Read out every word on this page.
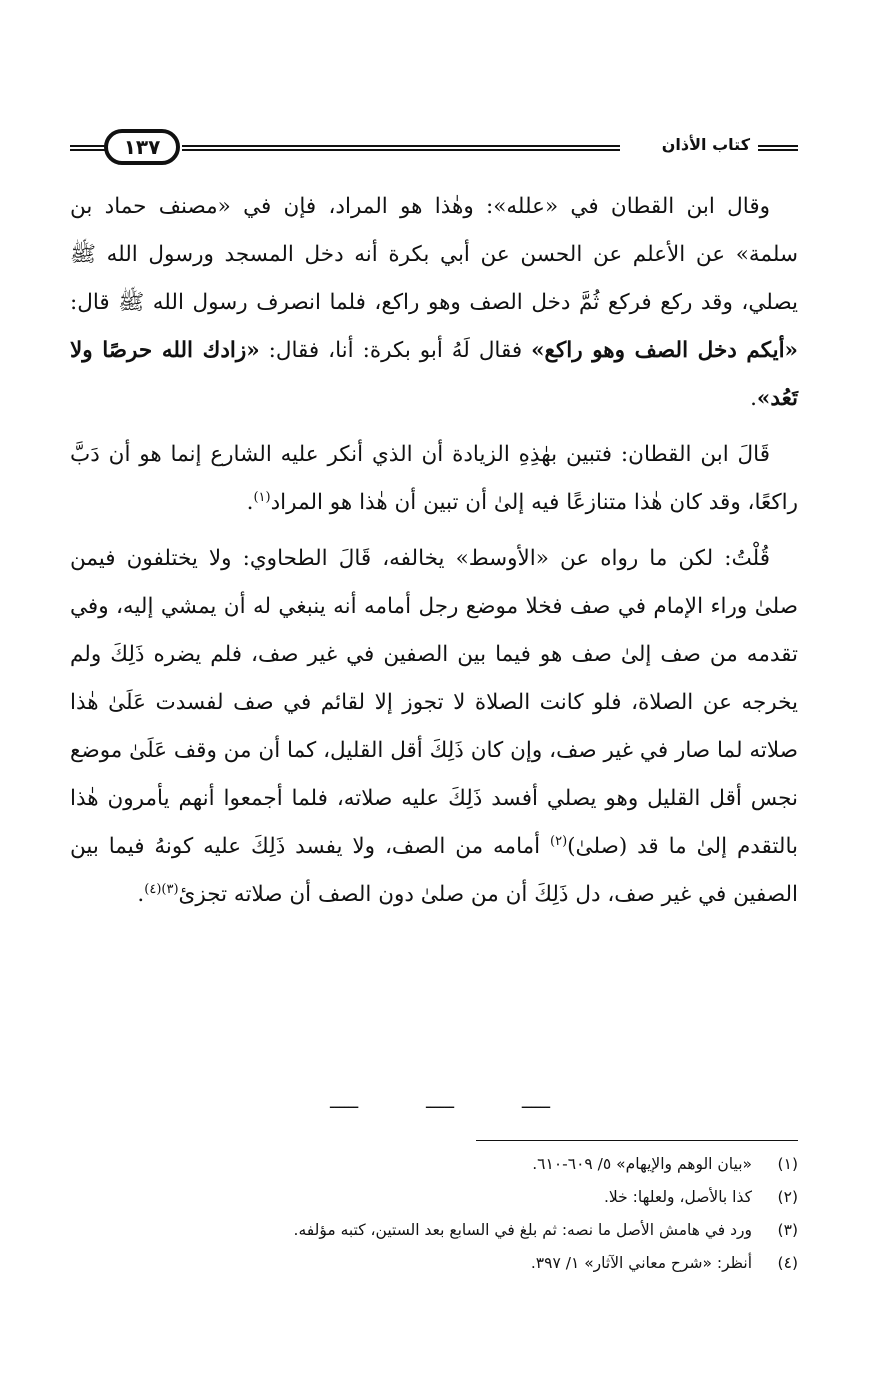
كتاب الأذان
١٣٧

وقال ابن القطان في «علله»: وهٰذا هو المراد، فإن في «مصنف حماد بن سلمة» عن الأعلم عن الحسن عن أبي بكرة أنه دخل المسجد ورسول الله ﷺ يصلي، وقد ركع فركع ثُمَّ دخل الصف وهو راكع، فلما انصرف رسول الله ﷺ قال: «أيكم دخل الصف وهو راكع» فقال لَهُ أبو بكرة: أنا، فقال: «زادك الله حرصًا ولا تَعُد».

قَالَ ابن القطان: فتبين بهٰذِهِ الزيادة أن الذي أنكر عليه الشارع إنما هو أن دَبَّ راكعًا، وقد كان هٰذا متنازعًا فيه إلىٰ أن تبين أن هٰذا هو المراد$^{(١)}$.

قُلْتُ: لكن ما رواه عن «الأوسط» يخالفه، قَالَ الطحاوي: ولا يختلفون فيمن صلىٰ وراء الإمام في صف فخلا موضع رجل أمامه أنه ينبغي له أن يمشي إليه، وفي تقدمه من صف إلىٰ صف هو فيما بين الصفين في غير صف، فلم يضره ذَلِكَ ولم يخرجه عن الصلاة، فلو كانت الصلاة لا تجوز إلا لقائم في صف لفسدت عَلَىٰ هٰذا صلاته لما صار في غير صف، وإن كان ذَلِكَ أقل القليل، كما أن من وقف عَلَىٰ موضع نجس أقل القليل وهو يصلي أفسد ذَلِكَ عليه صلاته، فلما أجمعوا أنهم يأمرون هٰذا بالتقدم إلىٰ ما قد (صلىٰ)$^{(٢)}$ أمامه من الصف، ولا يفسد ذَلِكَ عليه كونهُ فيما بين الصفين في غير صف، دل ذَلِكَ أن من صلىٰ دون الصف أن صلاته تجزئ$^{(٣)(٤)}$.

ــــــ
ــــــ
ــــــ
(١)
«بيان الوهم والإيهام» ٥/ ٦٠٩-٦١٠.
(٢)
كذا بالأصل، ولعلها: خلا.
(٣)
ورد في هامش الأصل ما نصه: ثم بلغ في السابع بعد الستين، كتبه مؤلفه.
(٤)
أنظر: «شرح معاني الآثار» ١/ ٣٩٧.
